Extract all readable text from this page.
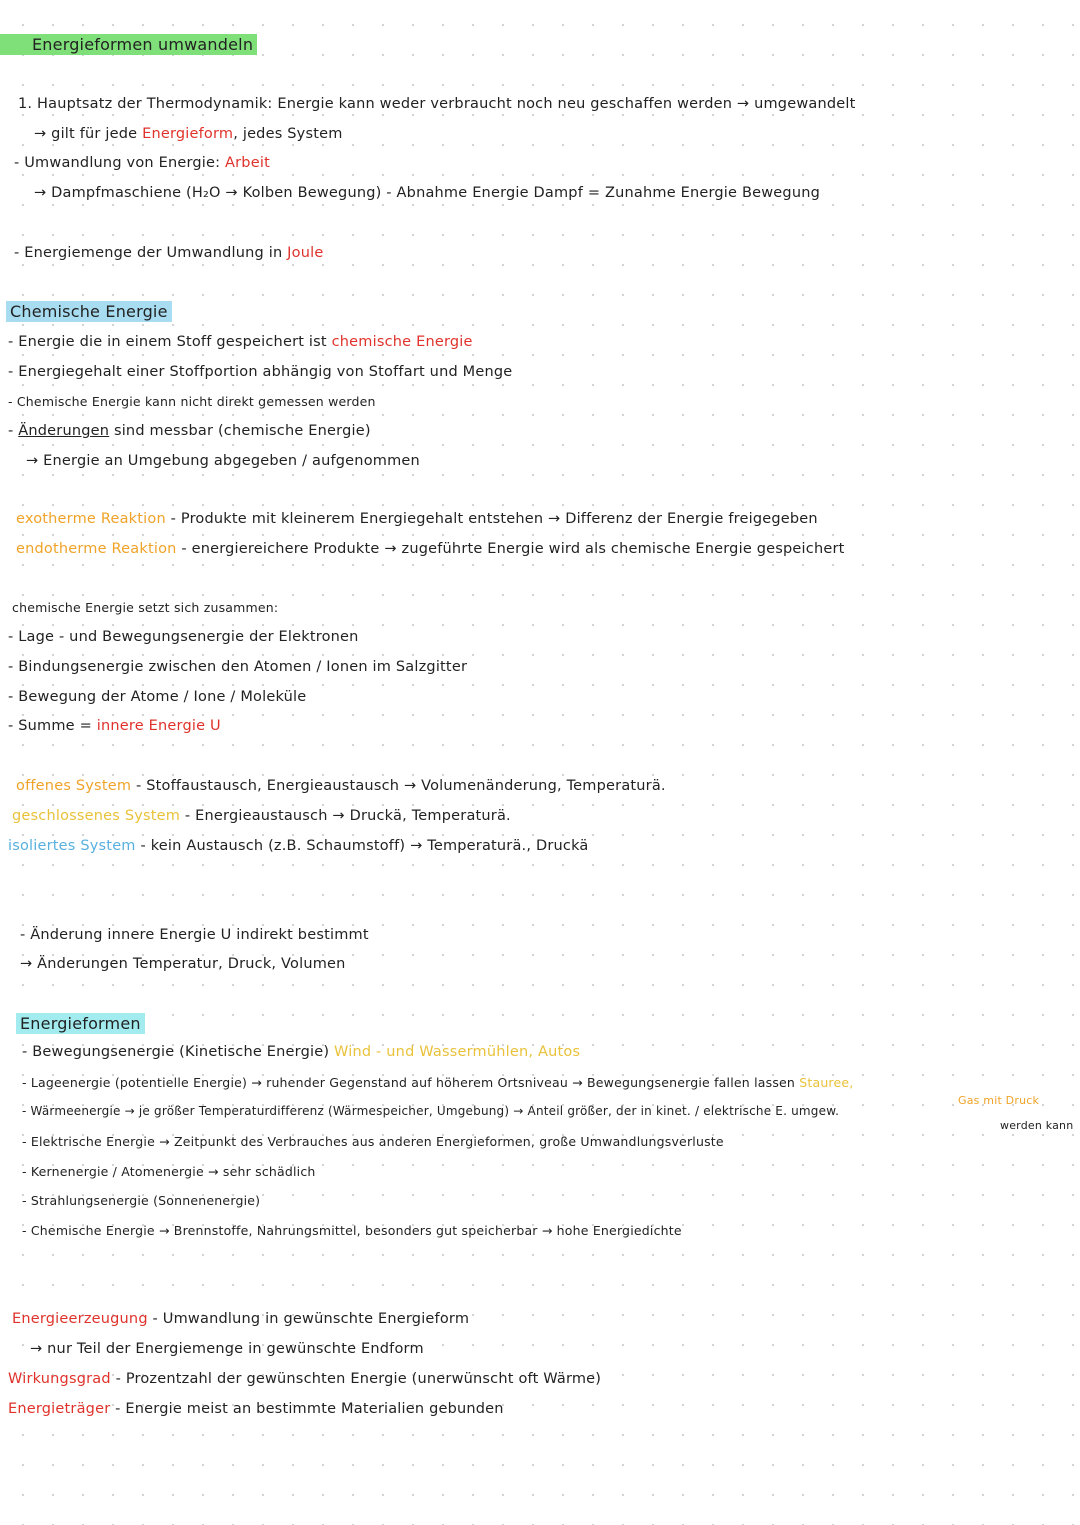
Energieformen umwandeln
1. Hauptsatz der Thermodynamik: Energie kann weder verbraucht noch neu geschaffen werden → umgewandelt
→ gilt für jede Energieform, jedes System
- Umwandlung von Energie: Arbeit
→ Dampfmaschiene (H₂O → Kolben Bewegung) - Abnahme Energie Dampf = Zunahme Energie Bewegung
- Energiemenge der Umwandlung in Joule
Chemische Energie
- Energie die in einem Stoff gespeichert ist chemische Energie
- Energiegehalt einer Stoffportion abhängig von Stoffart und Menge
- Chemische Energie kann nicht direkt gemessen werden
- Änderungen sind messbar (chemische Energie)
→ Energie an Umgebung abgegeben / aufgenommen
exotherme Reaktion - Produkte mit kleinerem Energiegehalt entstehen → Differenz der Energie freigegeben
endotherme Reaktion - energiereichere Produkte → zugeführte Energie wird als chemische Energie gespeichert
chemische Energie setzt sich zusammen:
- Lage - und Bewegungsenergie der Elektronen
- Bindungsenergie zwischen den Atomen / Ionen im Salzgitter
- Bewegung der Atome / Ione / Moleküle
- Summe = innere Energie U
offenes System - Stoffaustausch, Energieaustausch → Volumenänderung, Temperaturä.
geschlossenes System - Energieaustausch → Druckä, Temperaturä.
isoliertes System - kein Austausch (z.B. Schaumstoff) → Temperaturä., Druckä
- Änderung innere Energie U indirekt bestimmt
→ Änderungen Temperatur, Druck, Volumen
Energieformen
- Bewegungsenergie (Kinetische Energie) Wind - und Wassermühlen, Autos
- Lageenergie (potentielle Energie) → ruhender Gegenstand auf höherem Ortsniveau → Bewegungsenergie fallen lassen Stauree,
Gas mit Druck
- Wärmeenergie → je größer Temperaturdifferenz (Wärmespeicher, Umgebung) → Anteil größer, der in kinet. / elektrische E. umgew.
werden kann
- Elektrische Energie → Zeitpunkt des Verbrauches aus anderen Energieformen, große Umwandlungsverluste
- Kernenergie / Atomenergie → sehr schädlich
- Strahlungsenergie (Sonnenenergie)
- Chemische Energie → Brennstoffe, Nahrungsmittel, besonders gut speicherbar → hohe Energiedichte
Energieerzeugung - Umwandlung in gewünschte Energieform
→ nur Teil der Energiemenge in gewünschte Endform
Wirkungsgrad - Prozentzahl der gewünschten Energie (unerwünscht oft Wärme)
Energieträger - Energie meist an bestimmte Materialien gebunden
